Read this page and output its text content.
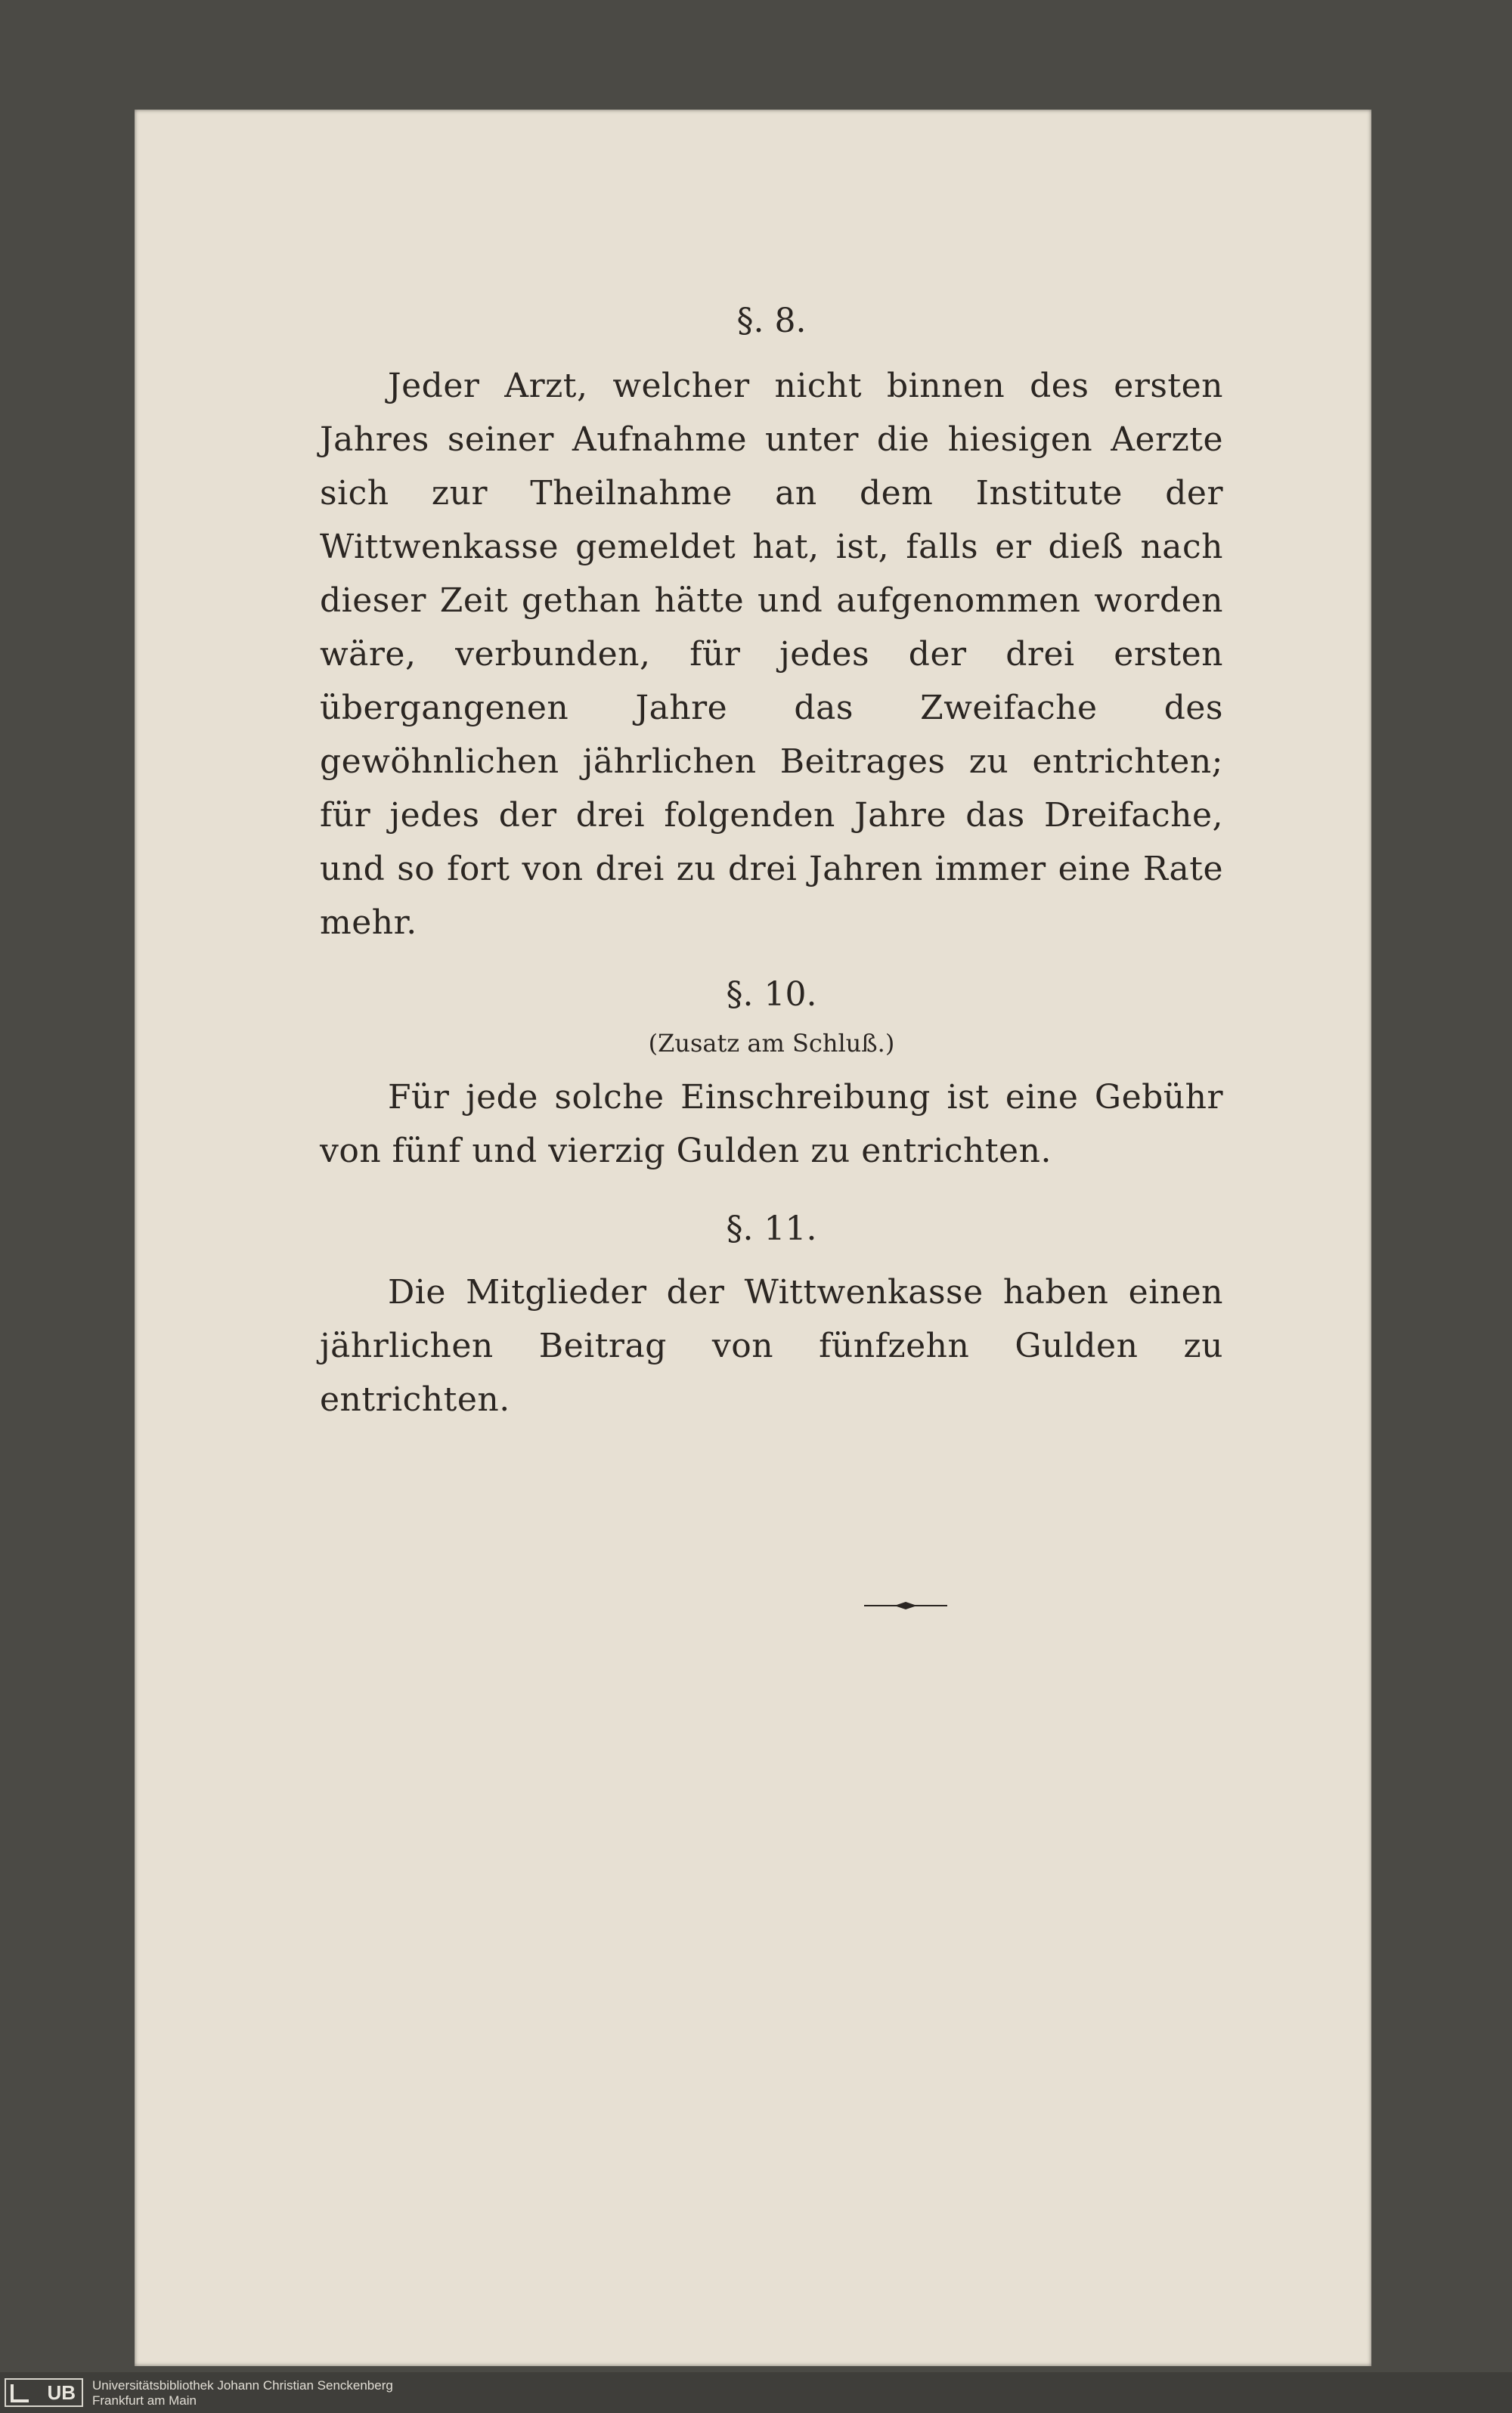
§. 8.

Jeder Arzt, welcher nicht binnen des ersten Jahres seiner Aufnahme unter die hiesigen Aerzte sich zur Theilnahme an dem Institute der Wittwenkasse gemeldet hat, ist, falls er dieß nach dieser Zeit gethan hätte und aufgenommen worden wäre, verbunden, für jedes der drei ersten übergangenen Jahre das Zweifache des gewöhnlichen jährlichen Beitrages zu entrichten; für jedes der drei folgenden Jahre das Dreifache, und so fort von drei zu drei Jahren immer eine Rate mehr.

§. 10.

(Zusatz am Schluß.)

Für jede solche Einschreibung ist eine Gebühr von fünf und vierzig Gulden zu entrichten.

§. 11.

Die Mitglieder der Wittwenkasse haben einen jährlichen Beitrag von fünfzehn Gulden zu entrichten.

UB	Universitätsbibliothek Johann Christian Senckenberg
Frankfurt am Main
